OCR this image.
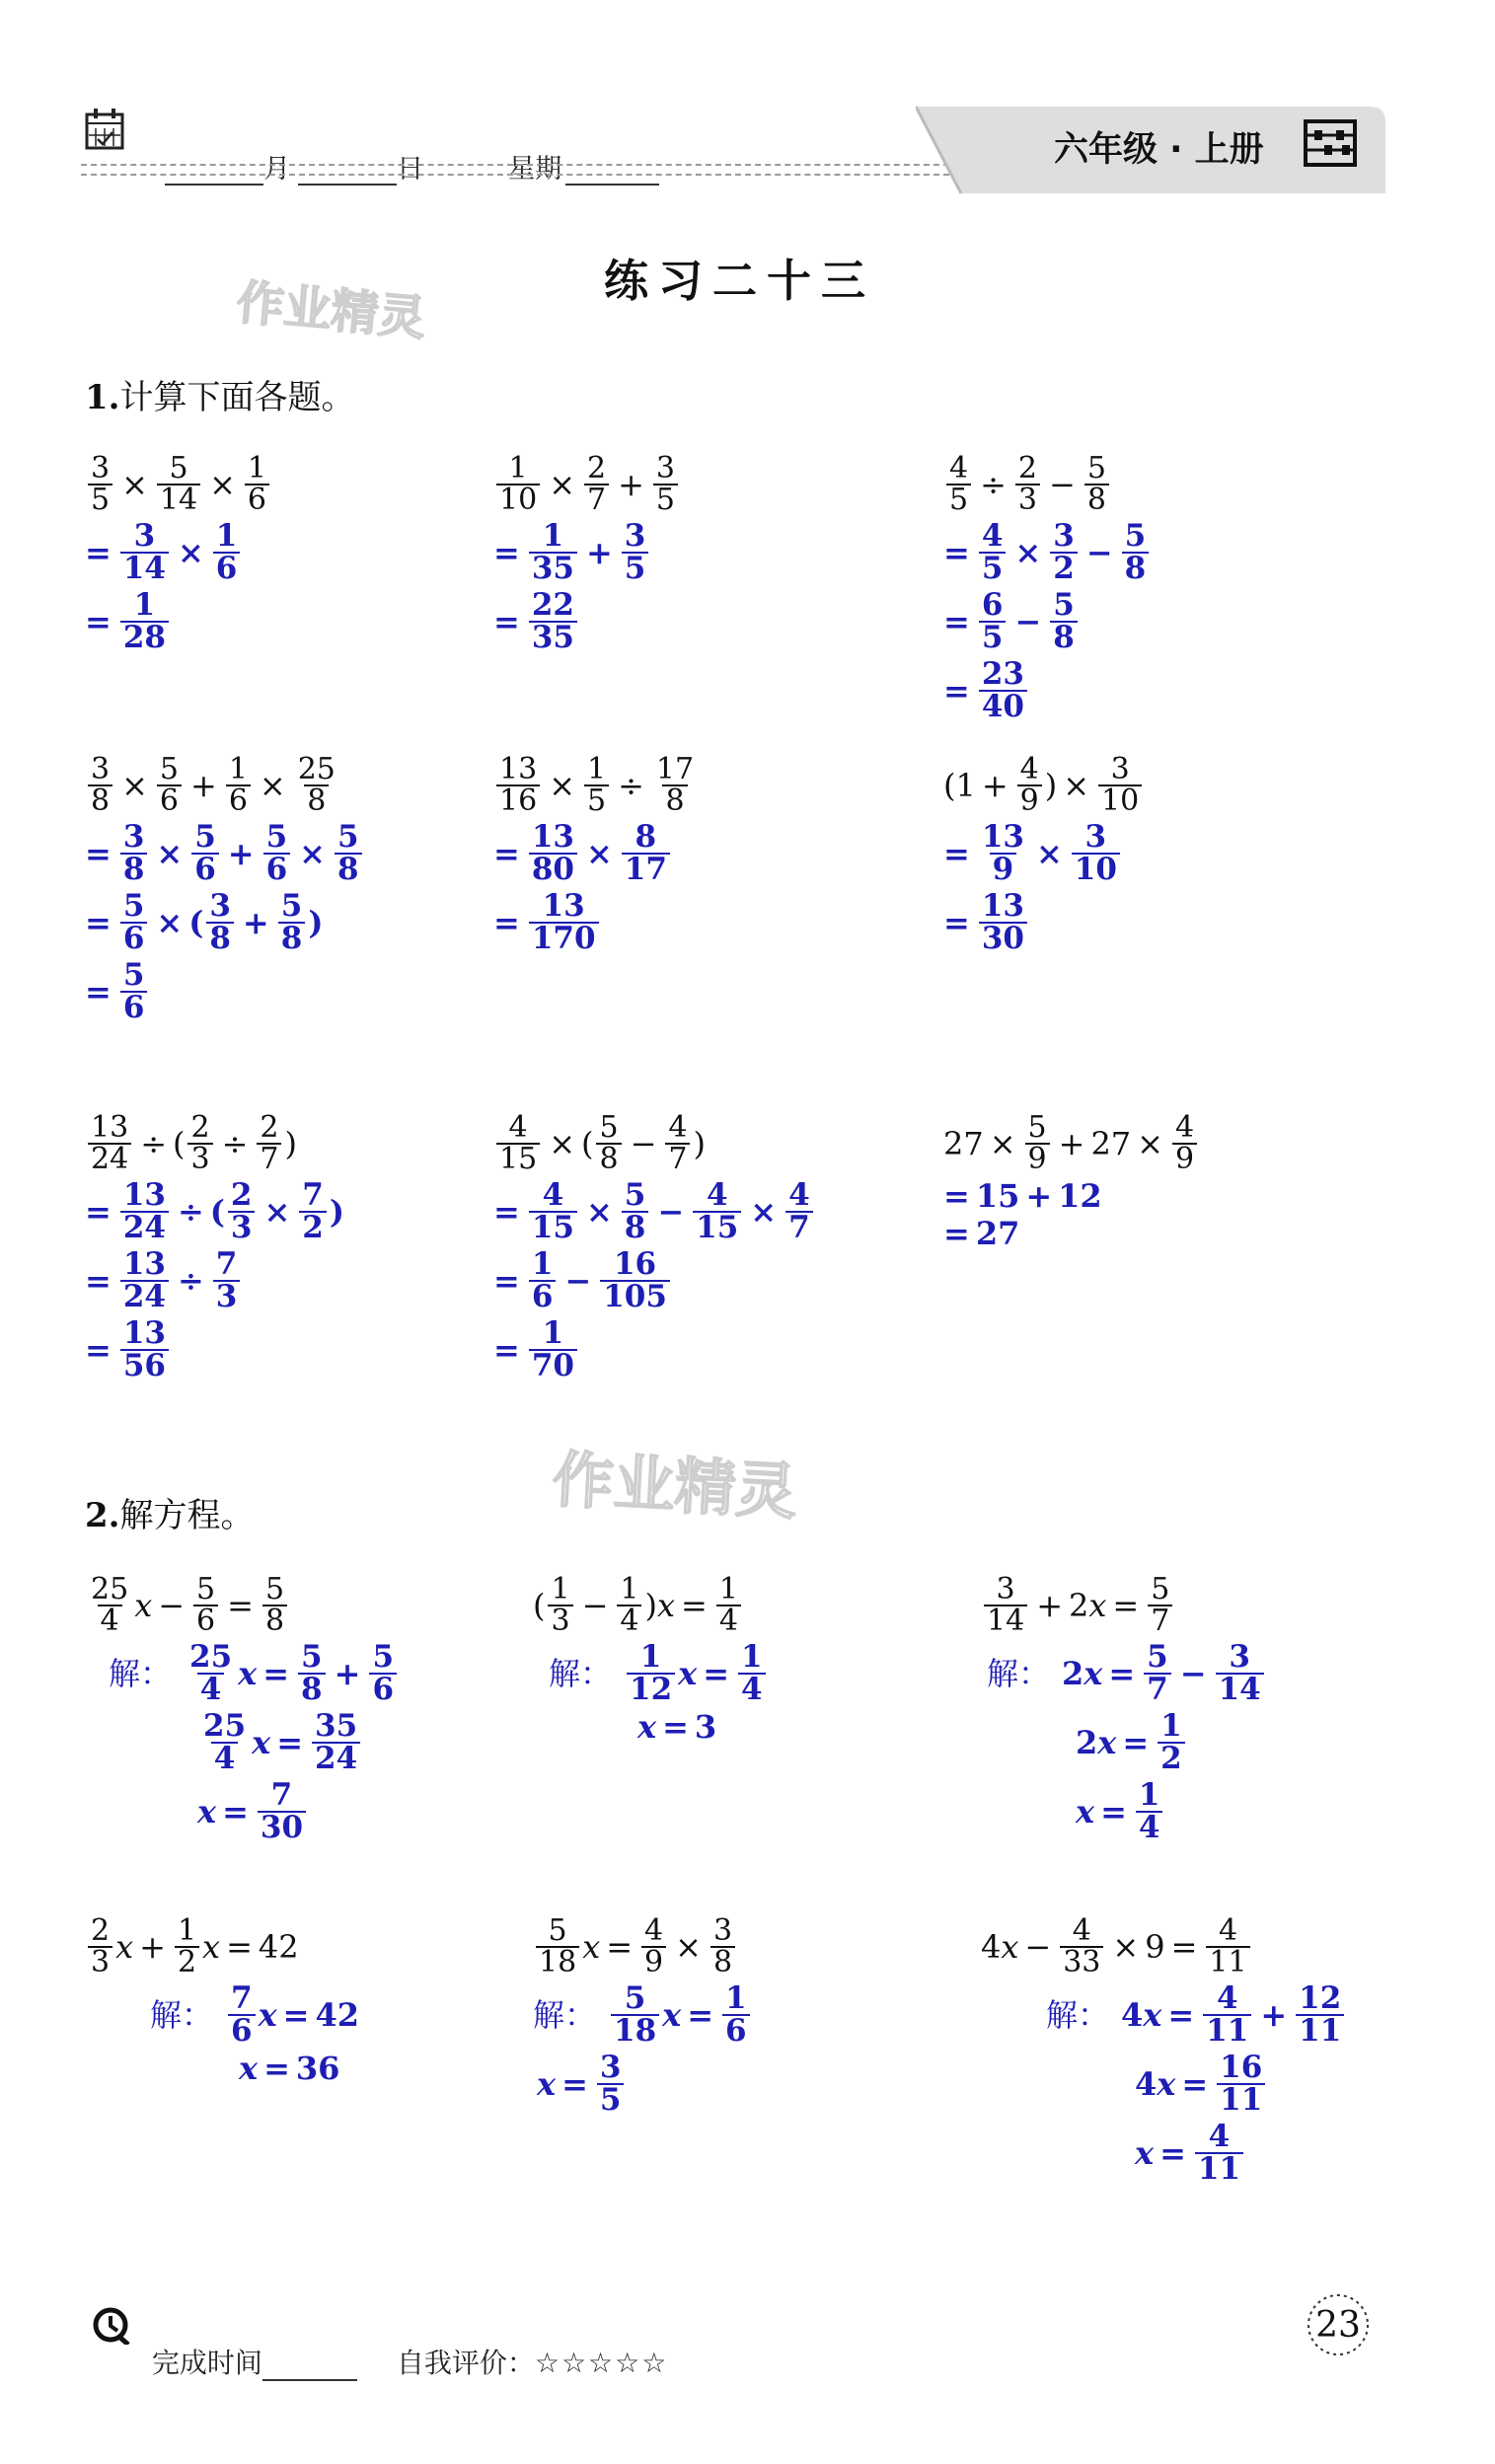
月	日	星期	六年级 · 上册
练习二十三
作业精灵
作业精灵
1.计算下面各题。
$\frac{3}{5} \times \frac{5}{14} \times \frac{1}{6}$
= $\frac{3}{14} \times \frac{1}{6}$
= $\frac{1}{28}$
$\frac{1}{10} \times \frac{2}{7} + \frac{3}{5}$
= $\frac{1}{35} + \frac{3}{5}$
= $\frac{22}{35}$
$\frac{4}{5} \div \frac{2}{3} - \frac{5}{8}$
= $\frac{4}{5} \times \frac{3}{2} - \frac{5}{8}$
= $\frac{6}{5} - \frac{5}{8}$
= $\frac{23}{40}$
$\frac{3}{8} \times \frac{5}{6} + \frac{1}{6} \times \frac{25}{8}$
= $\frac{3}{8} \times \frac{5}{6} + \frac{5}{6} \times \frac{5}{8}$
= $\frac{5}{6}$ × ( $\frac{3}{8} + \frac{5}{8}$ )
= $\frac{5}{6}$
$\frac{13}{16} \times \frac{1}{5} \div \frac{17}{8}$
= $\frac{13}{80} \times \frac{8}{17}$
= $\frac{13}{170}$
( $1 + \frac{4}{9}$ ) × $\frac{3}{10}$
= $\frac{13}{9} \times \frac{3}{10}$
= $\frac{13}{30}$
$\frac{13}{24}$ ÷ ( $\frac{2}{3} \div \frac{2}{7}$ )
= $\frac{13}{24}$ ÷ ( $\frac{2}{3} \times \frac{7}{2}$ )
= $\frac{13}{24} \div \frac{7}{3}$
= $\frac{13}{56}$
$\frac{4}{15}$ × ( $\frac{5}{8} - \frac{4}{7}$ )
= $\frac{4}{15} \times \frac{5}{8} - \frac{4}{15} \times \frac{4}{7}$
= $\frac{1}{6} - \frac{16}{105}$
= $\frac{1}{70}$
$27 \times \frac{5}{9} + 27 \times \frac{4}{9}$
= 15 + 12
= 27
2.解方程。
$\frac{25}{4}$ $x - \frac{5}{6} = \frac{5}{8}$
解： $\frac{25}{4}$ $x = \frac{5}{8} + \frac{5}{6}$
$\frac{25}{4}$ $x = \frac{35}{24}$
$x = \frac{7}{30}$
( $\frac{1}{3} - \frac{1}{4}$ ) $x = \frac{1}{4}$
解： $\frac{1}{12}$ $x = \frac{1}{4}$
x = 3
$\frac{3}{14} + 2$ $x = \frac{5}{7}$
解： 2 $x = \frac{5}{7} - \frac{3}{14}$
2 $x = \frac{1}{2}$
$x = \frac{1}{4}$
$\frac{2}{3}$ $x + \frac{1}{2}$ x = 42
解： $\frac{7}{6}$ x = 42
x = 36
$\frac{5}{18}$ $x = \frac{4}{9} \times \frac{3}{8}$
解： $\frac{5}{18}$ $x = \frac{1}{6}$
$x = \frac{3}{5}$
4 $x - \frac{4}{33} \times 9 = \frac{4}{11}$
解： 4 $x = \frac{4}{11} + \frac{12}{11}$
4 $x = \frac{16}{11}$
$x = \frac{4}{11}$

完成时间	自我评价：☆☆☆☆☆

23
